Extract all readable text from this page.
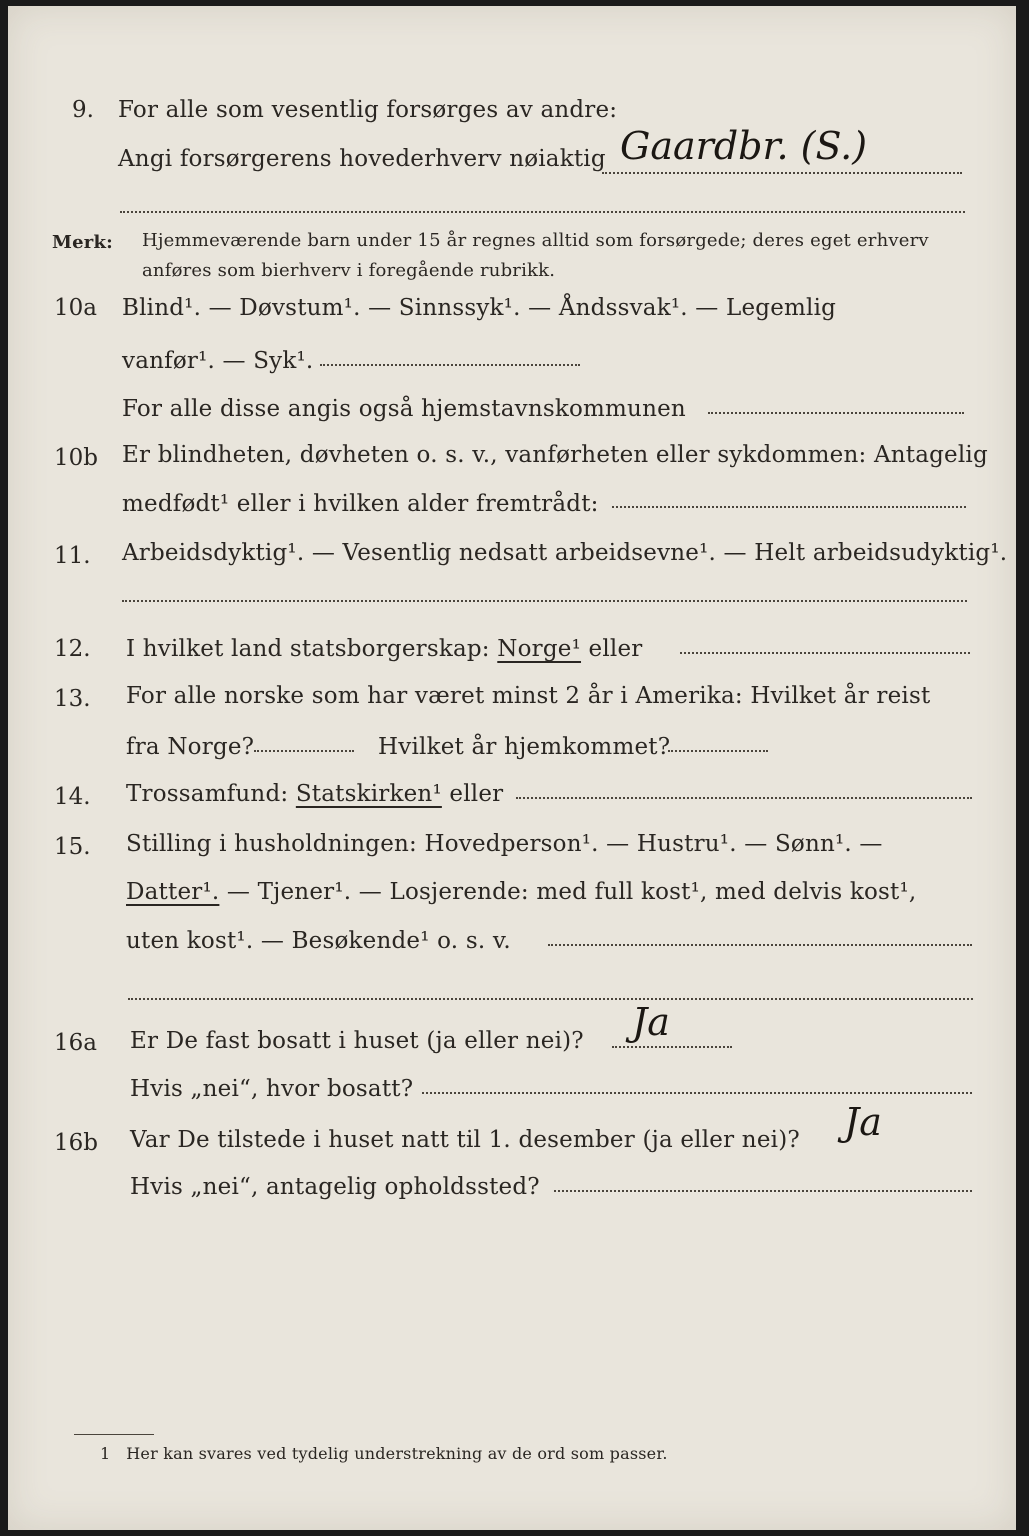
9. For alle som vesentlig forsørges av andre:
Angi forsørgerens hovederhverv nøiaktig Gaardbr. (S.)
Merk: Hjemmeværende barn under 15 år regnes alltid som forsørgede; deres eget erhverv
anføres som bierhverv i foregående rubrikk.
10a Blind¹. — Døvstum¹. — Sinnssyk¹. — Åndssvak¹. — Legemlig
vanfør¹. — Syk¹.
For alle disse angis også hjemstavnskommunen
10b Er blindheten, døvheten o. s. v., vanførheten eller sykdommen: Antagelig
medfødt¹ eller i hvilken alder fremtrådt:
11. Arbeidsdyktig¹. — Vesentlig nedsatt arbeidsevne¹. — Helt arbeidsudyktig¹.
12. I hvilket land statsborgerskap: Norge¹ eller
13. For alle norske som har været minst 2 år i Amerika: Hvilket år reist
fra Norge?	Hvilket år hjemkommet?
14. Trossamfund: Statskirken¹ eller
15. Stilling i husholdningen: Hovedperson¹. — Hustru¹. — Sønn¹. —
Datter¹. — Tjener¹. — Losjerende: med full kost¹, med delvis kost¹,
uten kost¹. — Besøkende¹ o. s. v.
16a Er De fast bosatt i huset (ja eller nei)? Ja
Hvis „nei“, hvor bosatt?
16b Var De tilstede i huset natt til 1. desember (ja eller nei)? Ja
Hvis „nei“, antagelig opholdssted?
1 Her kan svares ved tydelig understrekning av de ord som passer.
